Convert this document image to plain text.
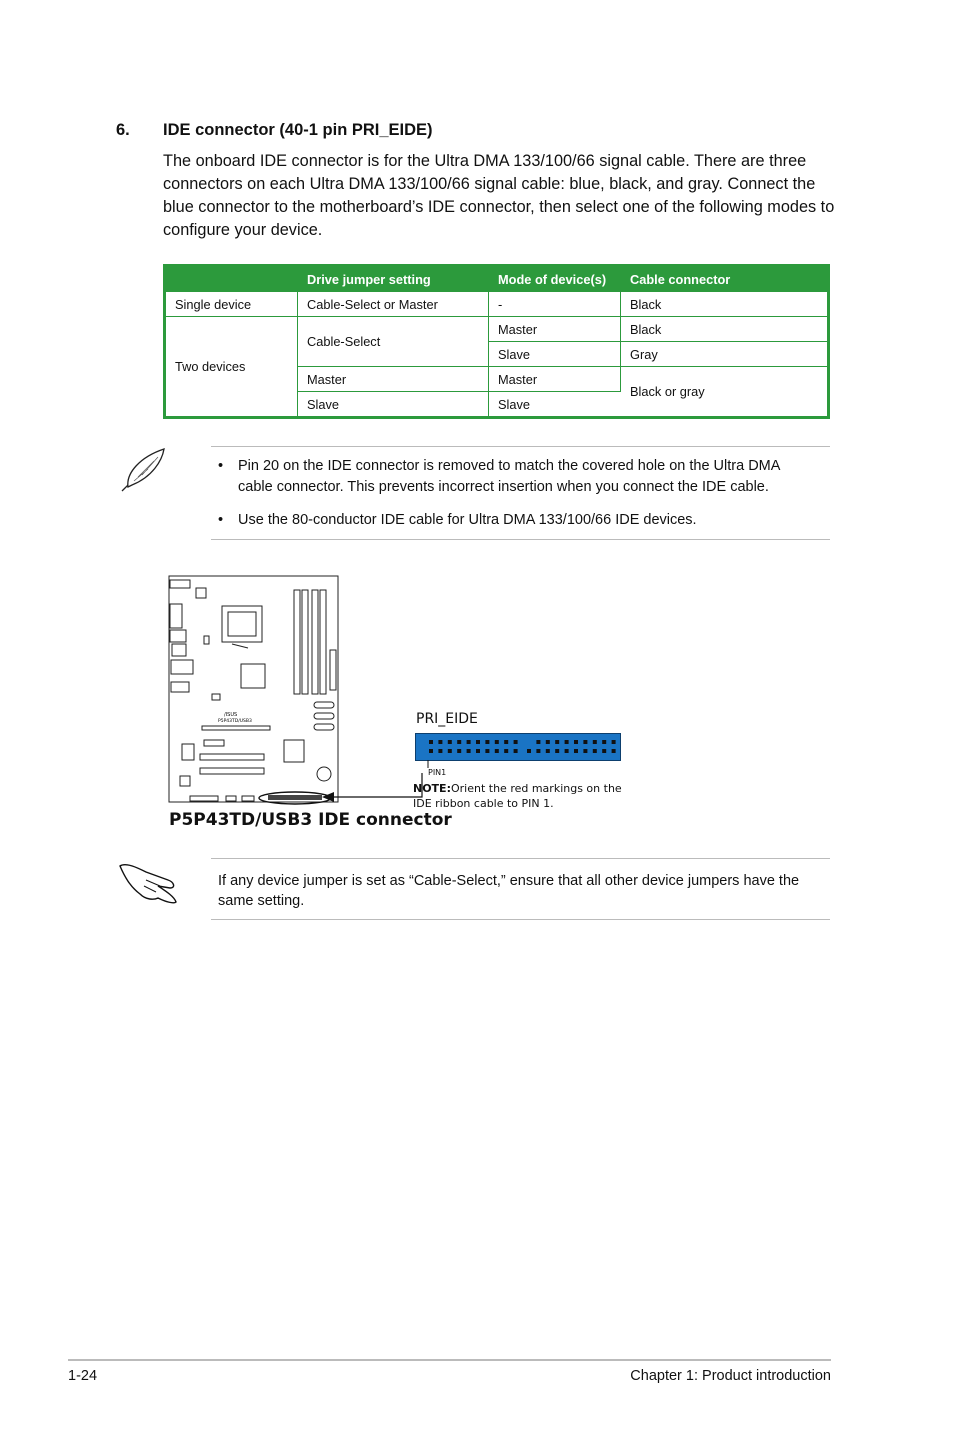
6. IDE connector (40-1 pin PRI_EIDE)
The onboard IDE connector is for the Ultra DMA 133/100/66 signal cable. There are three connectors on each Ultra DMA 133/100/66 signal cable: blue, black, and gray. Connect the blue connector to the motherboard’s IDE connector, then select one of the following modes to configure your device.
	Drive jumper setting	Mode of device(s)	Cable connector
Single device	Cable-Select or Master	-	Black
Two devices	Cable-Select	Master	Black
		Slave	Gray
	Master	Master	Black or gray
	Slave	Slave	
• Pin 20 on the IDE connector is removed to match the covered hole on the Ultra DMA cable connector. This prevents incorrect insertion when you connect the IDE cable.
• Use the 80-conductor IDE cable for Ultra DMA 133/100/66 IDE devices.
/ISUS
P5P43TD/USB3	PRI_EIDE
PIN1
NOTE:Orient the red markings on the IDE ribbon cable to PIN 1.
P5P43TD/USB3 IDE connector
If any device jumper is set as “Cable-Select,” ensure that all other device jumpers have the same setting.
1-24	Chapter 1: Product introduction
